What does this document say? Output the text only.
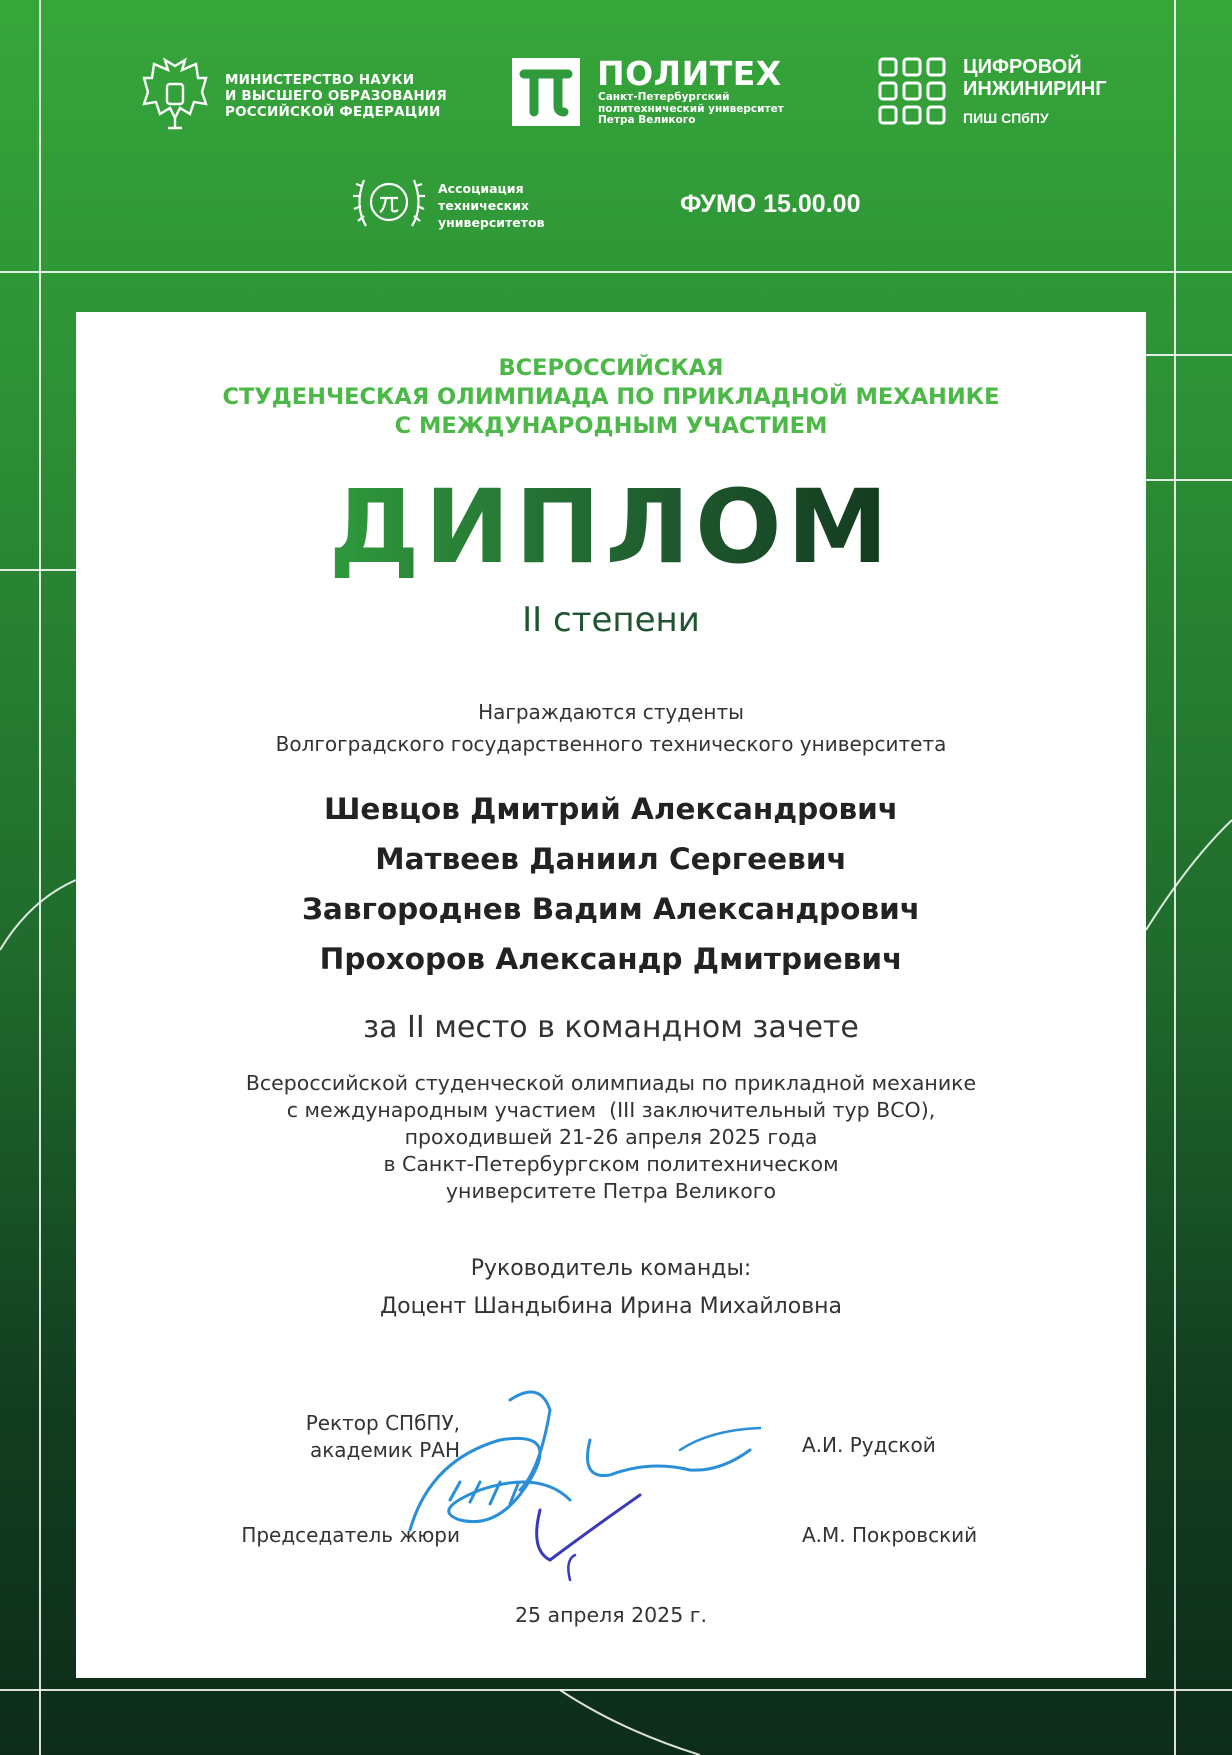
МИНИСТЕРСТВО НАУКИ
И ВЫСШЕГО ОБРАЗОВАНИЯ
РОССИЙСКОЙ ФЕДЕРАЦИИ
ПОЛИТЕХ
Санкт-Петербургский
политехнический университет
Петра Великого
ЦИФРОВОЙ
ИНЖИНИРИНГ
ПИШ СПбПУ
Ассоциация
технических
университетов
ФУМО 15.00.00
ВСЕРОССИЙСКАЯ
СТУДЕНЧЕСКАЯ ОЛИМПИАДА ПО ПРИКЛАДНОЙ МЕХАНИКЕ
С МЕЖДУНАРОДНЫМ УЧАСТИЕМ
ДИПЛОМ
II степени
Награждаются студенты
Волгоградского государственного технического университета
Шевцов Дмитрий Александрович
Матвеев Даниил Сергеевич
Завгороднев Вадим Александрович
Прохоров Александр Дмитриевич
за II место в командном зачете
Всероссийской студенческой олимпиады по прикладной механике
с международным участием  (III заключительный тур ВСО),
проходившей 21-26 апреля 2025 года
в Санкт-Петербургском политехническом
университете Петра Великого
Руководитель команды:
Доцент Шандыбина Ирина Михайловна
Ректор СПбПУ,
академик РАН	А.И. Рудской
Председатель жюри	А.М. Покровский
25 апреля 2025 г.
